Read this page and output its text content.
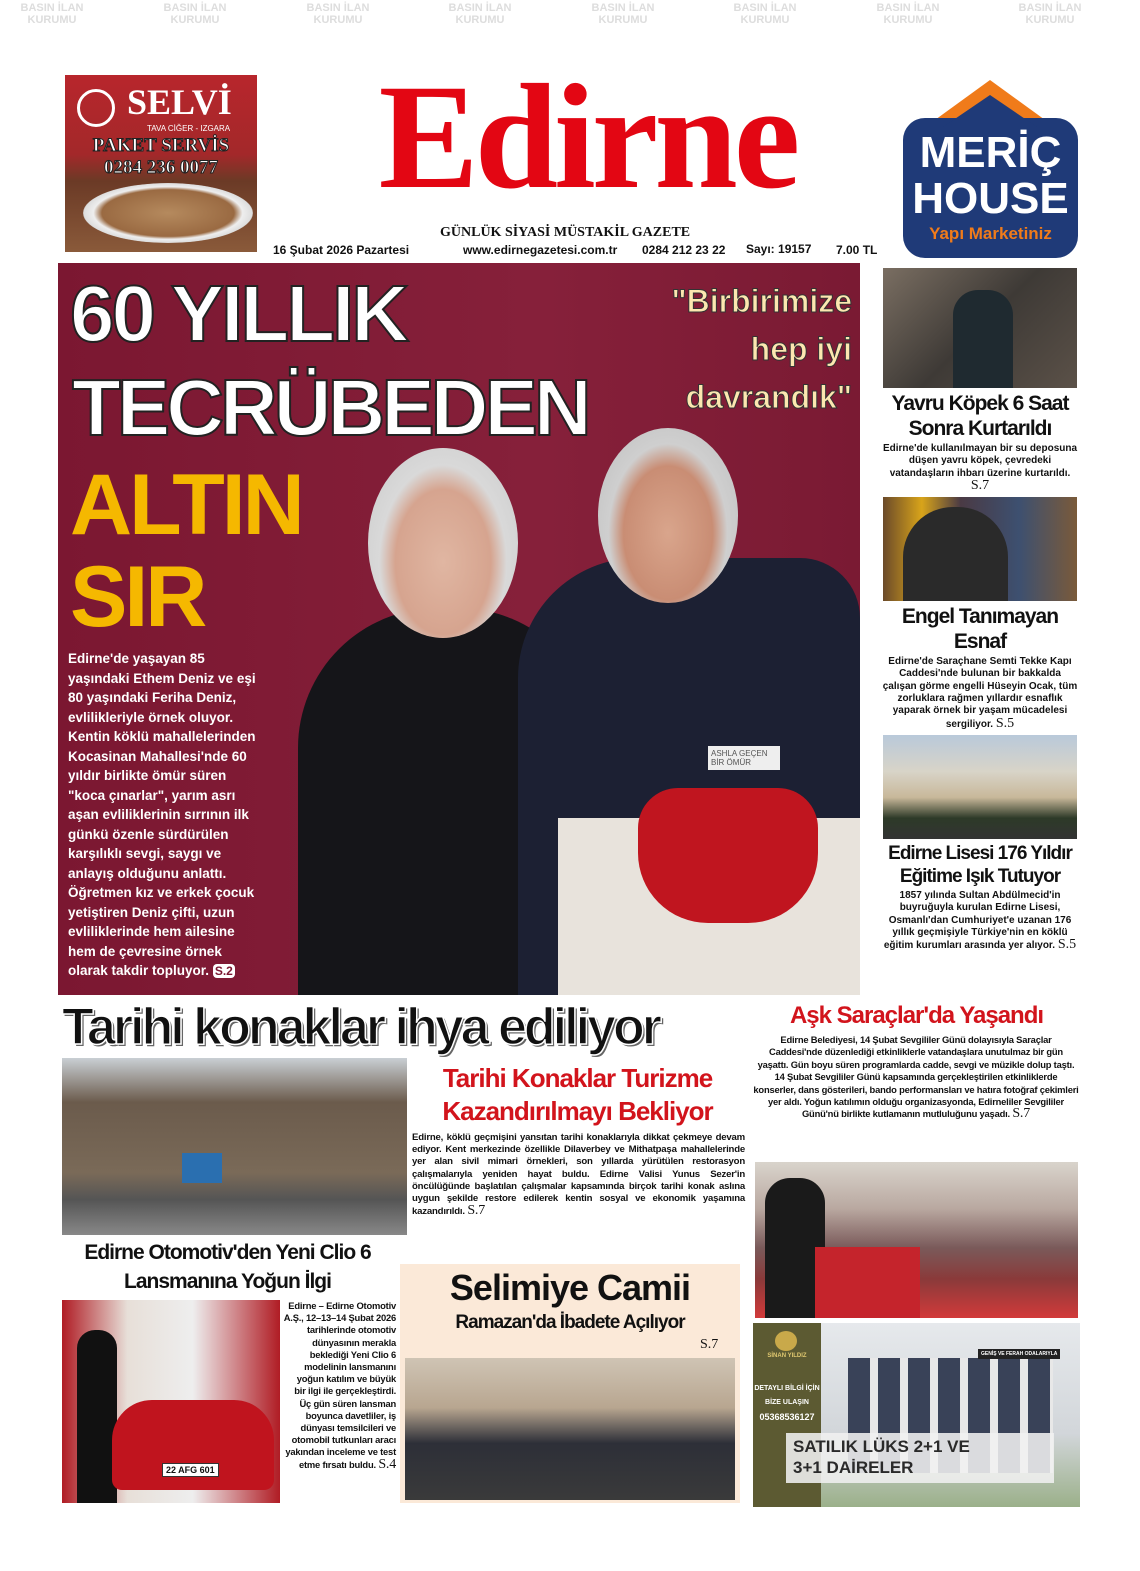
BASIN İLAN
KURUMU
BASIN İLAN
KURUMU
BASIN İLAN
KURUMU
BASIN İLAN
KURUMU
BASIN İLAN
KURUMU
BASIN İLAN
KURUMU
BASIN İLAN
KURUMU
BASIN İLAN
KURUMU
SELVİ
TAVA CİĞER - IZGARA
PAKET SERVİS
0284 236 0077	Edirne
GÜNLÜK SİYASİ MÜSTAKİL GAZETE
16 Şubat 2026 Pazartesi	www.edirnegazetesi.com.tr 0284 212 23 22 Sayı: 19157 7.00 TL
MERİÇ
HOUSE
Yapı Marketiniz
ASHLA GEÇEN BİR ÖMÜR
60 YILLIK
TECRÜBEDEN
ALTIN
SIR
"Birbirimize
hep iyi
davrandık"
Edirne'de yaşayan 85 yaşındaki Ethem Deniz ve eşi 80 yaşındaki Feriha Deniz, evlilikleriyle örnek oluyor. Kentin köklü mahallelerinden Kocasinan Mahallesi'nde 60 yıldır birlikte ömür süren "koca çınarlar", yarım asrı aşan evliliklerinin sırrının ilk günkü özenle sürdürülen karşılıklı sevgi, saygı ve anlayış olduğunu anlattı. Öğretmen kız ve erkek çocuk yetiştiren Deniz çifti, uzun evliliklerinde hem ailesine hem de çevresine örnek olarak takdir topluyor. S.2
Yavru Köpek 6 Saat Sonra Kurtarıldı
Edirne'de kullanılmayan bir su deposuna düşen yavru köpek, çevredeki vatandaşların ihbarı üzerine kurtarıldı. S.7
Engel Tanımayan Esnaf
Edirne'de Saraçhane Semti Tekke Kapı Caddesi'nde bulunan bir bakkalda çalışan görme engelli Hüseyin Ocak, tüm zorluklara rağmen yıllardır esnaflık yaparak örnek bir yaşam mücadelesi sergiliyor. S.5
Edirne Lisesi 176 Yıldır Eğitime Işık Tutuyor
1857 yılında Sultan Abdülmecid'in buyruğuyla kurulan Edirne Lisesi, Osmanlı'dan Cumhuriyet'e uzanan 176 yıllık geçmişiyle Türkiye'nin en köklü eğitim kurumları arasında yer alıyor. S.5
Tarihi konaklar ihya ediliyor
Tarihi Konaklar Turizme Kazandırılmayı Bekliyor
Edirne, köklü geçmişini yansıtan tarihi konaklarıyla dikkat çekmeye devam ediyor. Kent merkezinde özellikle Dilaverbey ve Mithatpaşa mahallelerinde yer alan sivil mimari örnekleri, son yıllarda yürütülen restorasyon çalışmalarıyla yeniden hayat buldu. Edirne Valisi Yunus Sezer'in öncülüğünde başlatılan çalışmalar kapsamında birçok tarihi konak aslına uygun şekilde restore edilerek kentin sosyal ve ekonomik yaşamına kazandırıldı. S.7
Aşk Saraçlar'da Yaşandı
Edirne Belediyesi, 14 Şubat Sevgililer Günü dolayısıyla Saraçlar Caddesi'nde düzenlediği etkinliklerle vatandaşlara unutulmaz bir gün yaşattı. Gün boyu süren programlarda cadde, sevgi ve müzikle dolup taştı. 14 Şubat Sevgililer Günü kapsamında gerçekleştirilen etkinliklerde konserler, dans gösterileri, bando performansları ve hatıra fotoğraf çekimleri yer aldı. Yoğun katılımın olduğu organizasyonda, Edirneliler Sevgililer Günü'nü birlikte kutlamanın mutluluğunu yaşadı. S.7
Edirne Otomotiv'den Yeni Clio 6 Lansmanına Yoğun İlgi
22 AFG 601
Edirne – Edirne Otomotiv A.Ş., 12–13–14 Şubat 2026 tarihlerinde otomotiv dünyasının merakla beklediği Yeni Clio 6 modelinin lansmanını yoğun katılım ve büyük bir ilgi ile gerçekleştirdi. Üç gün süren lansman boyunca davetliler, iş dünyası temsilcileri ve otomobil tutkunları aracı yakından inceleme ve test etme fırsatı buldu. S.4
Selimiye Camii
Ramazan'da İbadete Açılıyor
S.7
SİNAN YILDIZ
DETAYLI BİLGİ İÇİN
BİZE ULAŞIN
05368536127
GENİŞ VE FERAH ODALARIYLA
SATILIK LÜKS 2+1 VE
3+1 DAİRELER
